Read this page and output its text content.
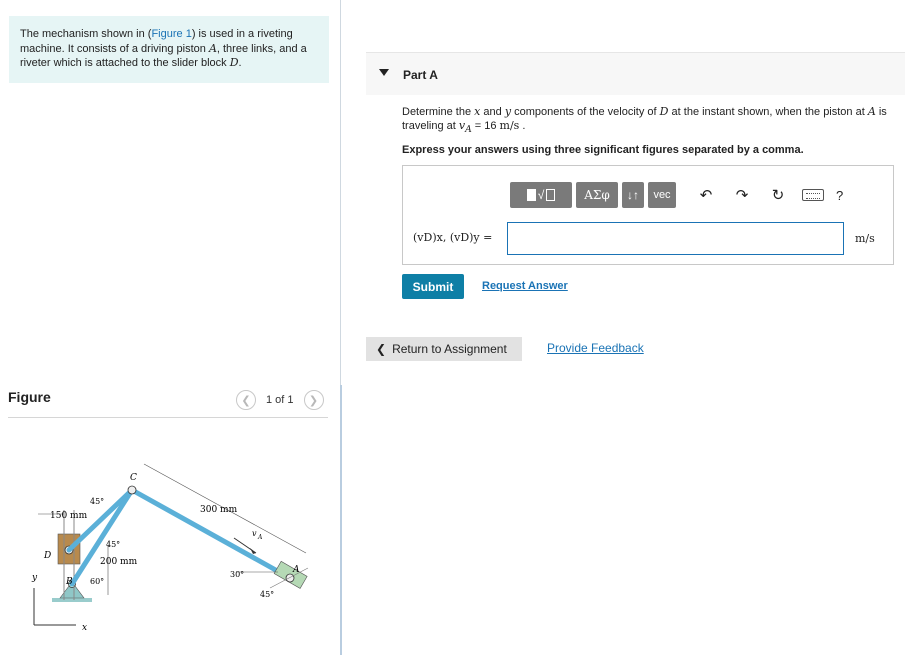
The mechanism shown in (Figure 1) is used in a riveting machine. It consists of a driving piston A, three links, and a riveter which is attached to the slider block D.
Figure	❮	1 of 1	❯
y
x
v A
C
D
B
A
150 mm
300 mm
200 mm
45°
45°
60°
30°
45°
Part A
Determine the x and y components of the velocity of D at the instant shown, when the piston at A is traveling at $v_A = 16$ m/s .
Express your answers using three significant figures separated by a comma.
√	ΑΣφ	↓↑	vec	↶ ↷ ↻	?
(vD)x, (vD)y =	m/s
Submit	Request Answer
❮ Return to Assignment	Provide Feedback
